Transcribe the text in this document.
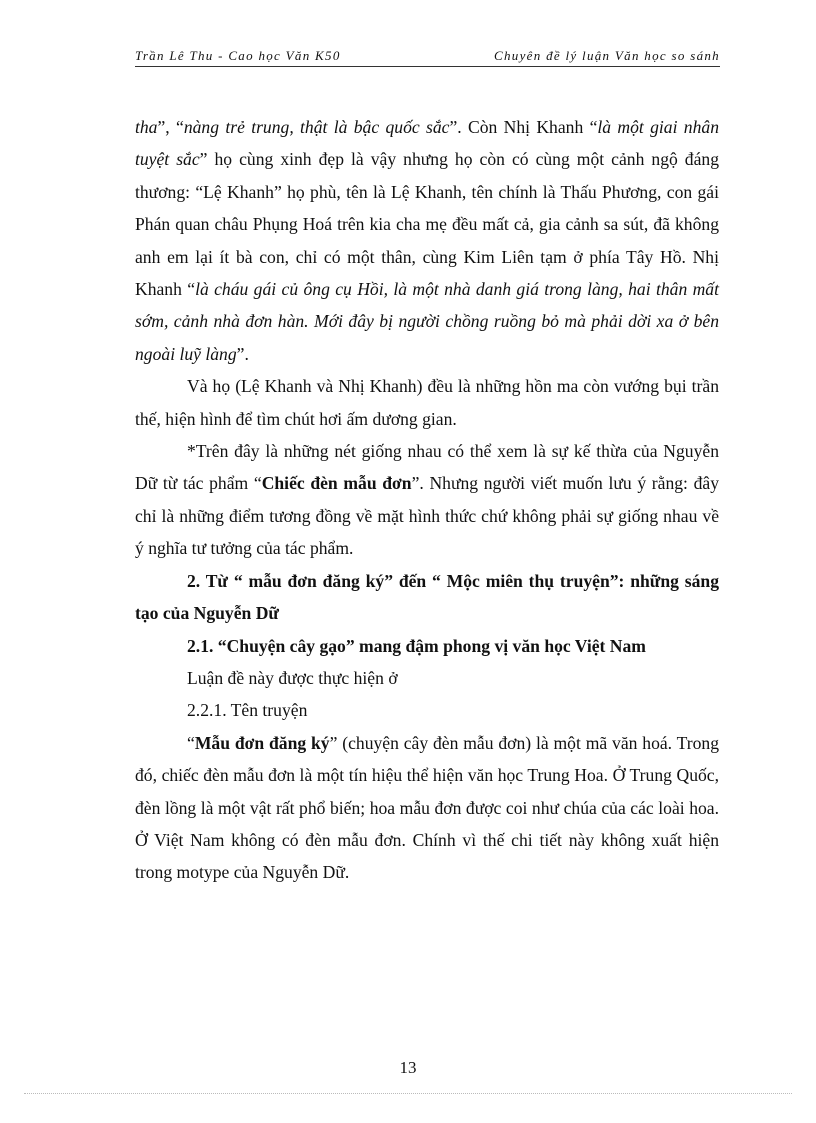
Trần Lê Thu - Cao học Văn K50	Chuyên đề lý luận Văn học so sánh

tha”, “nàng trẻ trung, thật là bậc quốc sắc”. Còn Nhị Khanh “là một giai nhân tuyệt sắc” họ cùng xinh đẹp là vậy nhưng họ còn có cùng một cảnh ngộ đáng thương: “Lệ Khanh” họ phù, tên là Lệ Khanh, tên chính là Thấu Phương, con gái Phán quan châu Phụng Hoá trên kia cha mẹ đều mất cả, gia cảnh sa sút, đã không anh em lại ít bà con, chỉ có một thân, cùng Kim Liên tạm ở phía Tây Hồ. Nhị Khanh “là cháu gái củ ông cụ Hồi, là một nhà danh giá trong làng, hai thân mất sớm, cảnh nhà đơn hàn. Mới đây bị người chồng ruồng bỏ mà phải dời xa ở bên ngoài luỹ làng”.

Và họ (Lệ Khanh và Nhị Khanh) đều là những hồn ma còn vướng bụi trần thế, hiện hình để tìm chút hơi ấm dương gian.

*Trên đây là những nét giống nhau có thể xem là sự kế thừa của Nguyễn Dữ từ tác phẩm “Chiếc đèn mẫu đơn”. Nhưng người viết muốn lưu ý rằng: đây chỉ là những điểm tương đồng về mặt hình thức chứ không phải sự giống nhau về ý nghĩa tư tưởng của tác phẩm.

2. Từ “ mẫu đơn đăng ký” đến “ Mộc miên thụ truyện”: những sáng tạo của Nguyễn Dữ

2.1. “Chuyện cây gạo” mang đậm phong vị văn học Việt Nam

Luận đề này được thực hiện ở

2.2.1. Tên truyện

“Mẫu đơn đăng ký” (chuyện cây đèn mẫu đơn) là một mã văn hoá. Trong đó, chiếc đèn mẫu đơn là một tín hiệu thể hiện văn học Trung Hoa. Ở Trung Quốc, đèn lồng là một vật rất phổ biến; hoa mẫu đơn được coi như chúa của các loài hoa. Ở Việt Nam không có đèn mẫu đơn. Chính vì thế chi tiết này không xuất hiện trong motype của Nguyễn Dữ.

13
